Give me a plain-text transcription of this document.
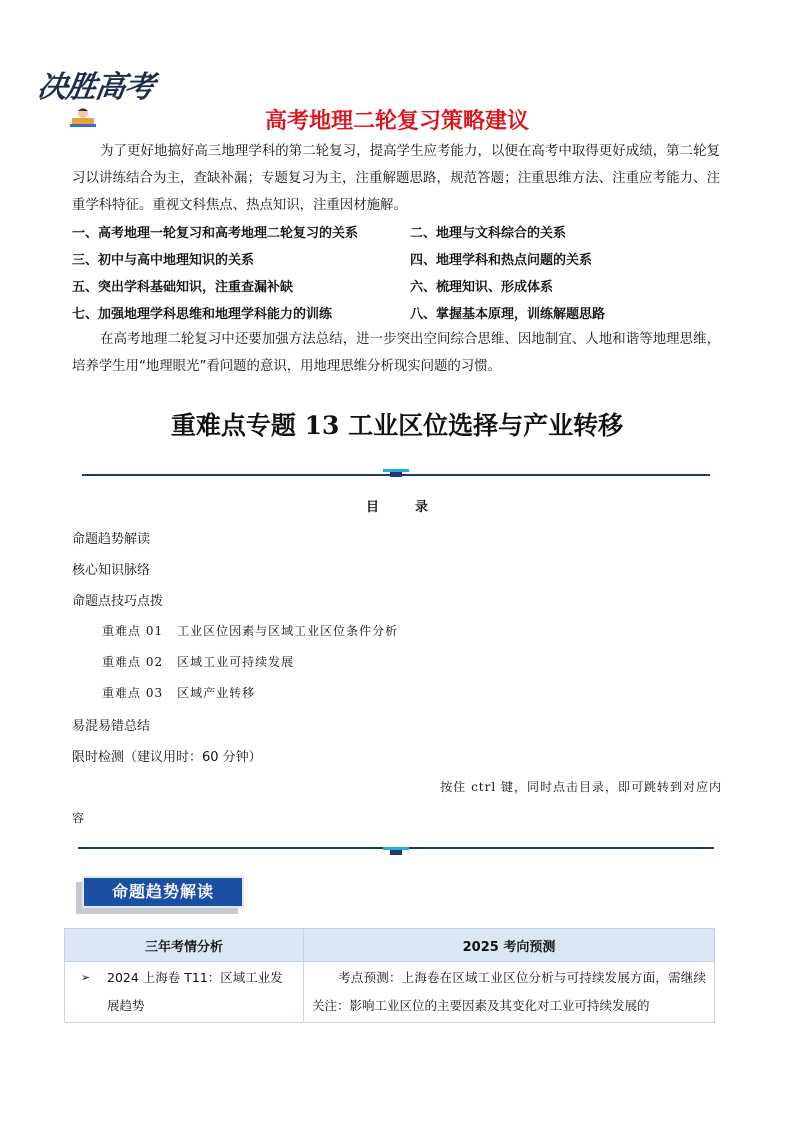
决胜高考
高考地理二轮复习策略建议
为了更好地搞好高三地理学科的第二轮复习，提高学生应考能力，以便在高考中取得更好成绩，第二轮复习以讲练结合为主，查缺补漏；专题复习为主，注重解题思路，规范答题；注重思维方法、注重应考能力、注重学科特征。重视文科焦点、热点知识，注重因材施解。
一、高考地理一轮复习和高考地理二轮复习的关系	二、地理与文科综合的关系
三、初中与高中地理知识的关系	四、地理学科和热点问题的关系
五、突出学科基础知识，注重查漏补缺	六、梳理知识、形成体系
七、加强地理学科思维和地理学科能力的训练	八、掌握基本原理，训练解题思路
在高考地理二轮复习中还要加强方法总结，进一步突出空间综合思维、因地制宜、人地和谐等地理思维，培养学生用“地理眼光”看问题的意识，用地理思维分析现实问题的习惯。
重难点专题 13 工业区位选择与产业转移
目	录
命题趋势解读
核心知识脉络
命题点技巧点拨
重难点 01 工业区位因素与区域工业区位条件分析
重难点 02 区域工业可持续发展
重难点 03 区域产业转移
易混易错总结
限时检测（建议用时：60 分钟）
按住 ctrl 键，同时点击目录，即可跳转到对应内
容
命题趋势解读
三年考情分析	2025 考向预测

➢ 2024 上海卷 T11：区域工业发展趋势	考点预测：上海卷在区域工业区位分析与可持续发展方面，需继续关注：影响工业区位的主要因素及其变化对工业可持续发展的
